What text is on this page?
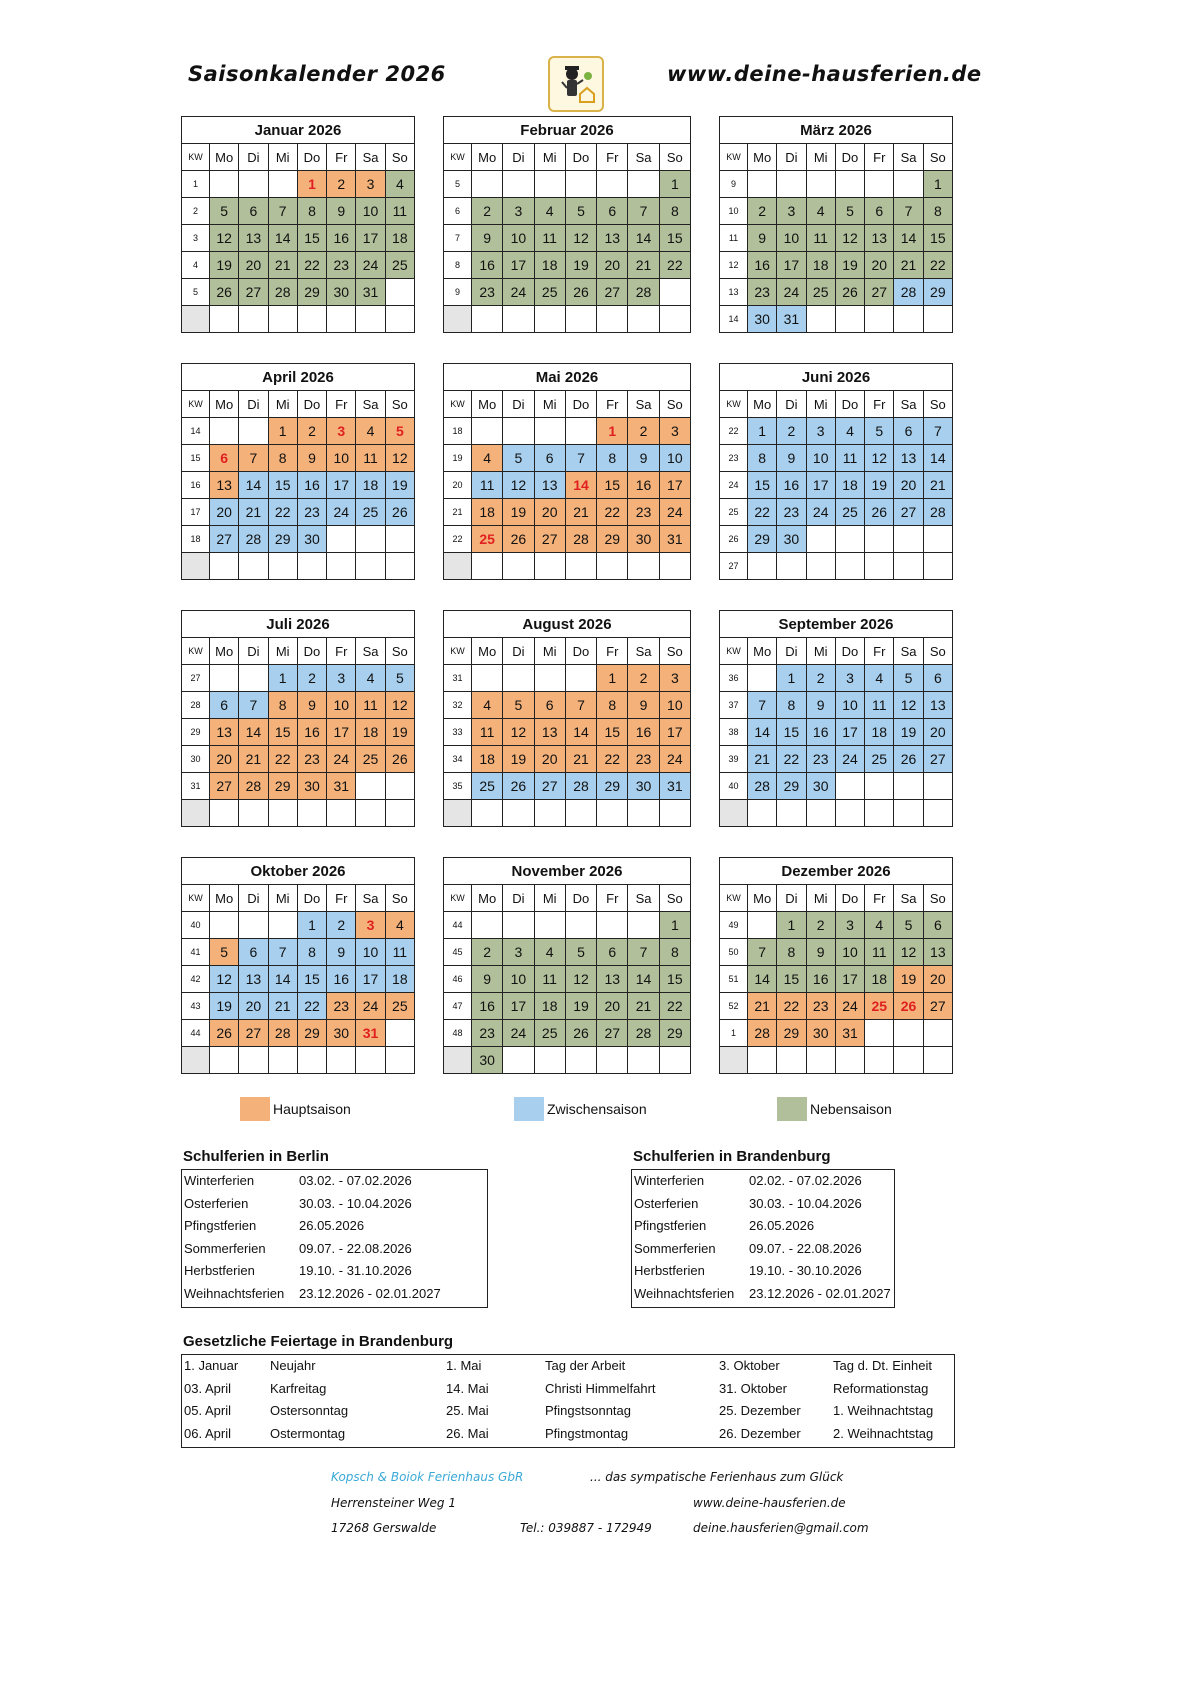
Saisonkalender 2026	www.deine-hausferien.de
Januar 2026							
KW	Mo	Di	Mi	Do	Fr	Sa	So
1				1	2	3	4
2	5	6	7	8	9	10	11
3	12	13	14	15	16	17	18
4	19	20	21	22	23	24	25
5	26	27	28	29	30	31	

Februar 2026							
KW	Mo	Di	Mi	Do	Fr	Sa	So
5							1
6	2	3	4	5	6	7	8
7	9	10	11	12	13	14	15
8	16	17	18	19	20	21	22
9	23	24	25	26	27	28	

März 2026							
KW	Mo	Di	Mi	Do	Fr	Sa	So
9							1
10	2	3	4	5	6	7	8
11	9	10	11	12	13	14	15
12	16	17	18	19	20	21	22
13	23	24	25	26	27	28	29
14	30	31					
April 2026							
KW	Mo	Di	Mi	Do	Fr	Sa	So
14			1	2	3	4	5
15	6	7	8	9	10	11	12
16	13	14	15	16	17	18	19
17	20	21	22	23	24	25	26
18	27	28	29	30			

Mai 2026							
KW	Mo	Di	Mi	Do	Fr	Sa	So
18					1	2	3
19	4	5	6	7	8	9	10
20	11	12	13	14	15	16	17
21	18	19	20	21	22	23	24
22	25	26	27	28	29	30	31

Juni 2026							
KW	Mo	Di	Mi	Do	Fr	Sa	So
22	1	2	3	4	5	6	7
23	8	9	10	11	12	13	14
24	15	16	17	18	19	20	21
25	22	23	24	25	26	27	28
26	29	30					
27							
Juli 2026							
KW	Mo	Di	Mi	Do	Fr	Sa	So
27			1	2	3	4	5
28	6	7	8	9	10	11	12
29	13	14	15	16	17	18	19
30	20	21	22	23	24	25	26
31	27	28	29	30	31		

August 2026							
KW	Mo	Di	Mi	Do	Fr	Sa	So
31					1	2	3
32	4	5	6	7	8	9	10
33	11	12	13	14	15	16	17
34	18	19	20	21	22	23	24
35	25	26	27	28	29	30	31

September 2026							
KW	Mo	Di	Mi	Do	Fr	Sa	So
36		1	2	3	4	5	6
37	7	8	9	10	11	12	13
38	14	15	16	17	18	19	20
39	21	22	23	24	25	26	27
40	28	29	30				

Oktober 2026							
KW	Mo	Di	Mi	Do	Fr	Sa	So
40				1	2	3	4
41	5	6	7	8	9	10	11
42	12	13	14	15	16	17	18
43	19	20	21	22	23	24	25
44	26	27	28	29	30	31	

November 2026							
KW	Mo	Di	Mi	Do	Fr	Sa	So
44							1
45	2	3	4	5	6	7	8
46	9	10	11	12	13	14	15
47	16	17	18	19	20	21	22
48	23	24	25	26	27	28	29
	30						
Dezember 2026							
KW	Mo	Di	Mi	Do	Fr	Sa	So
49		1	2	3	4	5	6
50	7	8	9	10	11	12	13
51	14	15	16	17	18	19	20
52	21	22	23	24	25	26	27
1	28	29	30	31			

Hauptsaison	Zwischensaison	Nebensaison
Schulferien in Berlin
Winterferien	03.02. - 07.02.2026
Osterferien	30.03. - 10.04.2026
Pfingstferien	26.05.2026
Sommerferien	09.07. - 22.08.2026
Herbstferien	19.10. - 31.10.2026
Weihnachtsferien 23.12.2026 - 02.01.2027
Schulferien in Brandenburg
Winterferien	02.02. - 07.02.2026
Osterferien	30.03. - 10.04.2026
Pfingstferien	26.05.2026
Sommerferien	09.07. - 22.08.2026
Herbstferien	19.10. - 30.10.2026
Weihnachtsferien 23.12.2026 - 02.01.2027
Gesetzliche Feiertage in Brandenburg
1. Januar Neujahr	1. Mai	Tag der Arbeit	3. Oktober	Tag d. Dt. Einheit
03. April	Karfreitag	14. Mai	Christi Himmelfahrt	31. Oktober	Reformationstag
05. April	Ostersonntag	25. Mai	Pfingstsonntag	25. Dezember 1. Weihnachtstag
06. April	Ostermontag	26. Mai	Pfingstmontag	26. Dezember 2. Weihnachtstag
Kopsch & Boiok Ferienhaus GbR	... das sympatische Ferienhaus zum Glück
Herrensteiner Weg 1	www.deine-hausferien.de
17268 Gerswalde	Tel.: 039887 - 172949	deine.hausferien@gmail.com
